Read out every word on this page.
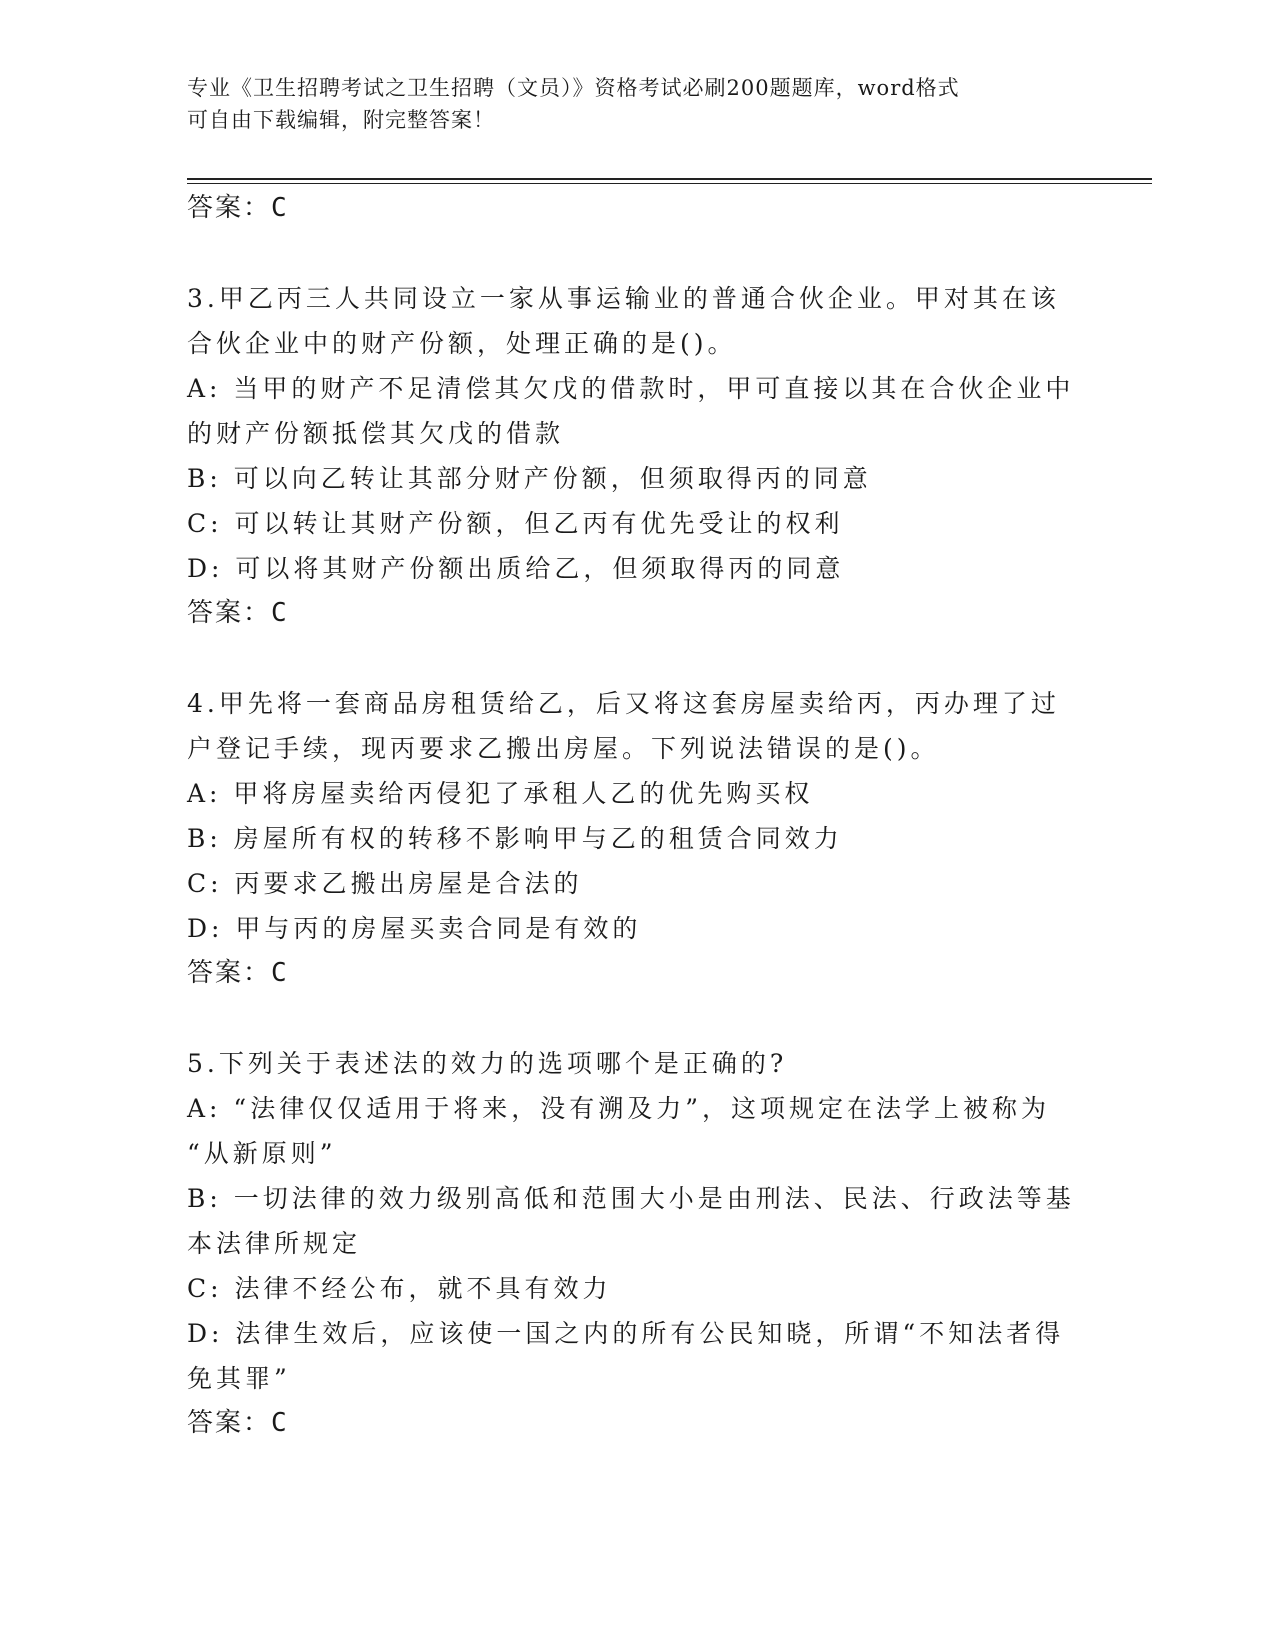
专业《卫生招聘考试之卫生招聘（文员）》资格考试必刷200题题库，word格式
可自由下载编辑，附完整答案！
答案：C
3.甲乙丙三人共同设立一家从事运输业的普通合伙企业。甲对其在该
合伙企业中的财产份额，处理正确的是()。
A: 当甲的财产不足清偿其欠戊的借款时，甲可直接以其在合伙企业中
的财产份额抵偿其欠戊的借款
B: 可以向乙转让其部分财产份额，但须取得丙的同意
C: 可以转让其财产份额，但乙丙有优先受让的权利
D: 可以将其财产份额出质给乙，但须取得丙的同意
答案：C
4.甲先将一套商品房租赁给乙，后又将这套房屋卖给丙，丙办理了过
户登记手续，现丙要求乙搬出房屋。下列说法错误的是()。
A: 甲将房屋卖给丙侵犯了承租人乙的优先购买权
B: 房屋所有权的转移不影响甲与乙的租赁合同效力
C: 丙要求乙搬出房屋是合法的
D: 甲与丙的房屋买卖合同是有效的
答案：C
5.下列关于表述法的效力的选项哪个是正确的?
A: “法律仅仅适用于将来，没有溯及力”，这项规定在法学上被称为
“从新原则”
B: 一切法律的效力级别高低和范围大小是由刑法、民法、行政法等基
本法律所规定
C: 法律不经公布，就不具有效力
D: 法律生效后，应该使一国之内的所有公民知晓，所谓“不知法者得
免其罪”
答案：C
